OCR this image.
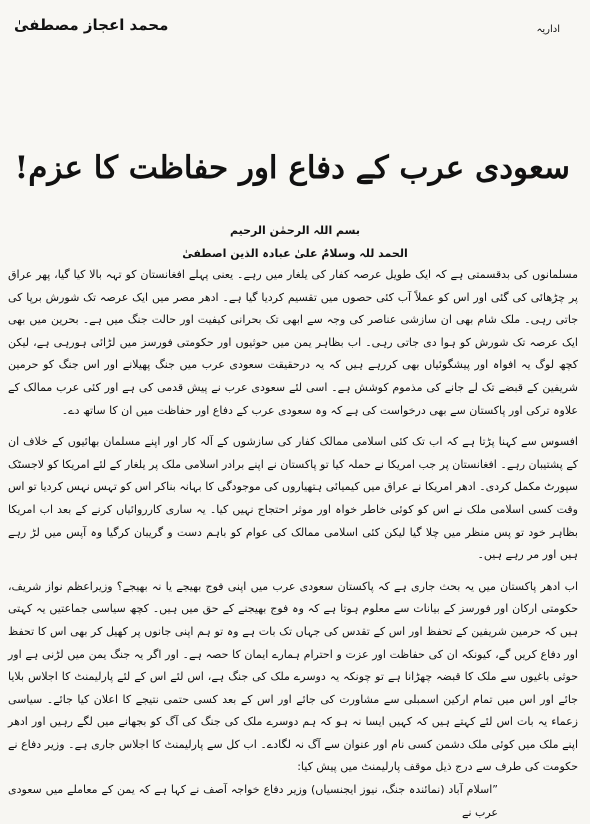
محمد اعجاز مصطفیٰ	اداریہ
سعودی عرب کے دفاع اور حفاظت کا عزم!
بسم اللہ الرحمٰن الرحیم
الحمد للہ وسلامٌ علیٰ عبادہ الذین اصطفیٰ

مسلمانوں کی بدقسمتی ہے کہ ایک طویل عرصہ کفار کی یلغار میں رہے۔ یعنی پہلے افغانستان کو تہہ بالا کیا گیا، پھر عراق پر چڑھائی کی گئی اور اس کو عملاً آب کئی حصوں میں تقسیم کردیا گیا ہے۔ ادھر مصر میں ایک عرصہ تک شورش برپا کی جاتی رہی۔ ملک شام بھی ان سازشی عناصر کی وجہ سے ابھی تک بحرانی کیفیت اور حالت جنگ میں ہے۔ بحرین میں بھی ایک عرصہ تک شورش کو ہوا دی جاتی رہی۔ اب بظاہر یمن میں حوثیوں اور حکومتی فورسز میں لڑائی ہورہی ہے، لیکن کچھ لوگ یہ افواہ اور پیشگوئیاں بھی کررہے ہیں کہ یہ درحقیقت سعودی عرب میں جنگ پھیلانے اور اس جنگ کو حرمین شریفین کے قبضے تک لے جانے کی مذموم کوشش ہے۔ اسی لئے سعودی عرب نے پیش قدمی کی ہے اور کئی عرب ممالک کے علاوہ ترکی اور پاکستان سے بھی درخواست کی ہے کہ وہ سعودی عرب کے دفاع اور حفاظت میں ان کا ساتھ دے۔

افسوس سے کہنا پڑتا ہے کہ اب تک کئی اسلامی ممالک کفار کی سازشوں کے آلہ کار اور اپنے مسلمان بھائیوں کے خلاف ان کے پشتیبان رہے۔ افغانستان پر جب امریکا نے حملہ کیا تو پاکستان نے اپنے برادر اسلامی ملک پر یلغار کے لئے امریکا کو لاجسٹک سپورٹ مکمل کردی۔ ادھر امریکا نے عراق میں کیمیائی ہتھیاروں کی موجودگی کا بہانہ بناکر اس کو تہس نہس کردیا تو اس وقت کسی اسلامی ملک نے اس کو کوئی خاطر خواہ اور موثر احتجاج نہیں کیا۔ یہ ساری کارروائیاں کرنے کے بعد اب امریکا بظاہر خود تو پس منظر میں چلا گیا لیکن کئی اسلامی ممالک کی عوام کو باہم دست و گریبان کرگیا وہ آپس میں لڑ رہے ہیں اور مر رہے ہیں۔

اب ادھر پاکستان میں یہ بحث جاری ہے کہ پاکستان سعودی عرب میں اپنی فوج بھیجے یا نہ بھیجے؟ وزیراعظم نواز شریف، حکومتی ارکان اور فورسز کے بیانات سے معلوم ہوتا ہے کہ وہ فوج بھیجنے کے حق میں ہیں۔ کچھ سیاسی جماعتیں یہ کہتی ہیں کہ حرمین شریفین کے تحفظ اور اس کے تقدس کی جہاں تک بات ہے وہ تو ہم اپنی جانوں پر کھیل کر بھی اس کا تحفظ اور دفاع کریں گے، کیونکہ ان کی حفاظت اور عزت و احترام ہمارے ایمان کا حصہ ہے۔ اور اگر یہ جنگ یمن میں لڑنی ہے اور حوثی باغیوں سے ملک کا قبضہ چھڑانا ہے تو چونکہ یہ دوسرے ملک کی جنگ ہے، اس لئے اس کے لئے پارلیمنٹ کا اجلاس بلایا جائے اور اس میں تمام ارکین اسمبلی سے مشاورت کی جائے اور اس کے بعد کسی حتمی نتیجے کا اعلان کیا جائے۔ سیاسی زعماء یہ بات اس لئے کہتے ہیں کہ کہیں ایسا نہ ہو کہ ہم دوسرے ملک کی جنگ کی آگ کو بجھانے میں لگے رہیں اور ادھر اپنے ملک میں کوئی ملک دشمن کسی نام اور عنوان سے آگ نہ لگادے۔ اب کل سے پارلیمنٹ کا اجلاس جاری ہے۔ وزیر دفاع نے حکومت کی طرف سے درج ذیل موقف پارلیمنٹ میں پیش کیا:

”اسلام آباد (نمائندہ جنگ، نیوز ایجنسیاں) وزیر دفاع خواجہ آصف نے کہا ہے کہ یمن کے معاملے میں سعودی عرب نے
